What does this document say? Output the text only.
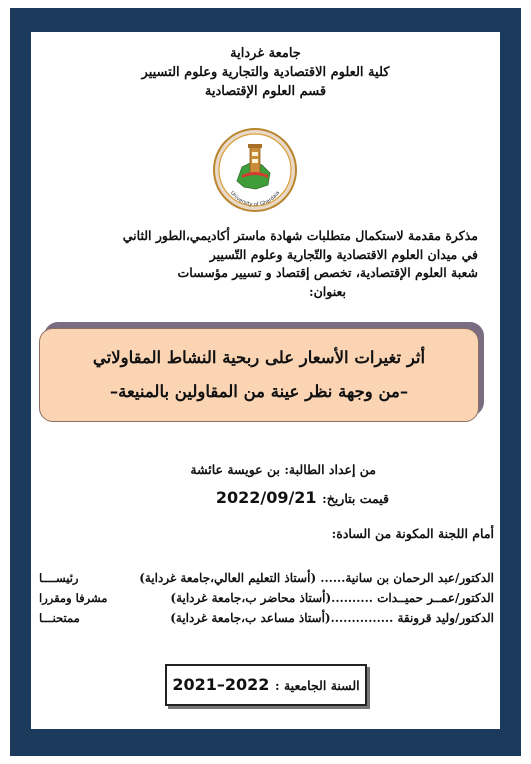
جامعة غرداية
كلية العلوم الاقتصادية والتجارية وعلوم التسيير
قسم العلوم الإقتصادية
University of Ghardaia
مذكرة مقدمة لاستكمال متطلبات شهادة ماستر أكاديمي،الطور الثاني
في ميدان العلوم الاقتصادية والتّجارية وعلوم التّسيير
شعبة العلوم الإقتصادية، تخصص إقتصاد و تسيير مؤسسات
بعنوان:
أثر تغيرات الأسعار على ربحية النشاط المقاولاتي
–من وجهة نظر عينة من المقاولين بالمنيعة–
من إعداد الطالبة: بن عويسة عائشة
قيمت بتاريخ: 2022/09/21
أمام اللجنة المكونة من السادة:
الدكتور/عبد الرحمان بن سانية...... (أستاذ التعليم العالي،جامعة غرداية)
رئيســــا
الدكتور/عمــر حميــدات ..........(أستاذ محاضر ب،جامعة غرداية)
مشرفا ومقررا
الدكتور/وليد قرونقة ...............(أستاذ مساعد ب،جامعة غرداية)
ممتحنـــا
السنة الجامعية : 2022–2021
